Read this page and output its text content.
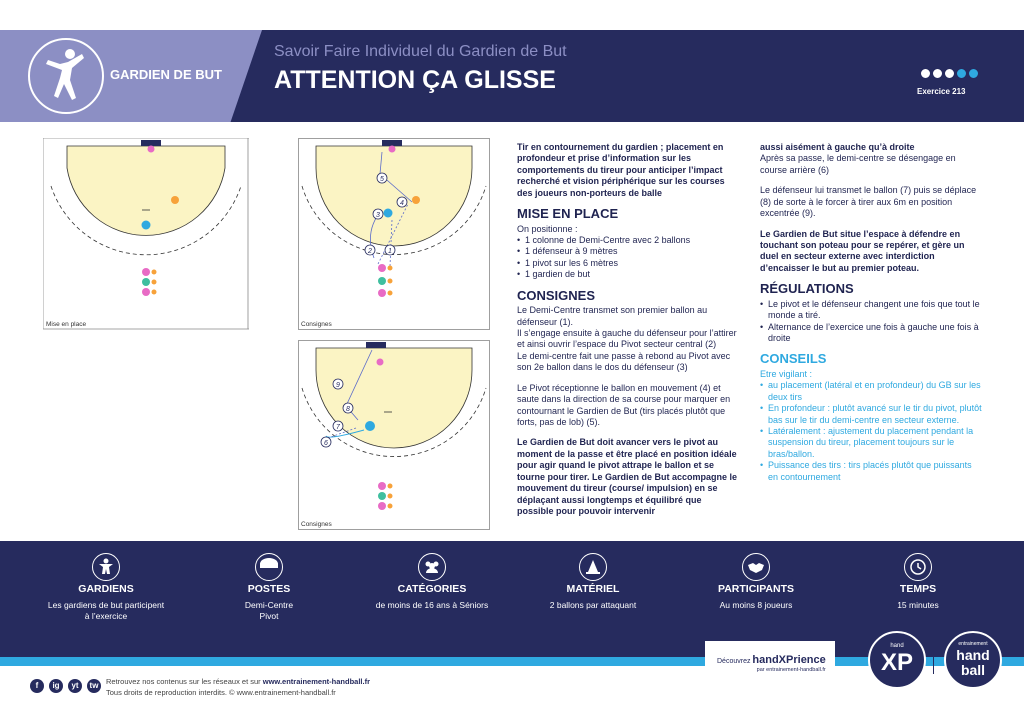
GARDIEN DE BUT
Savoir Faire Individuel du Gardien de But
ATTENTION ÇA GLISSE	Exercice 213
Mise en place
1
2
3
4
5
Consignes
6
7
8
9
Consignes

Tir en contournement du gardien ; placement en profondeur et prise d’information sur les comportements du tireur pour anticiper l’impact recherché et vision périphérique sur les courses des joueurs non-porteurs de balle

MISE EN PLACE

On positionne :

• 1 colonne de Demi-Centre avec 2 ballons
• 1 défenseur à 9 mètres
• 1 pivot sur les 6 mètres
• 1 gardien de but
CONSIGNES

Le Demi-Centre transmet son premier ballon au défenseur (1).

Il s’engage ensuite à gauche du défenseur pour l’attirer et ainsi ouvrir l’espace du Pivot secteur central (2)

Le demi-centre fait une passe à rebond au Pivot avec son 2e ballon dans le dos du défenseur (3)

Le Pivot réceptionne le ballon en mouvement (4) et saute dans la direction de sa course pour marquer en contournant le Gardien de But (tirs placés plutôt que forts, pas de lob) (5).

Le Gardien de But doit avancer vers le pivot au moment de la passe et être placé en position idéale pour agir quand le pivot attrape le ballon et se tourne pour tirer. Le Gardien de But accompagne le mouvement du tireur (course/ impulsion) en se déplaçant aussi longtemps et équilibré que possible pour pouvoir intervenir

aussi aisément à gauche qu’à droite

Après sa passe, le demi-centre se désengage en course arrière (6)

Le défenseur lui transmet le ballon (7) puis se déplace (8) de sorte à le forcer à tirer aux 6m en position excentrée (9).

Le Gardien de But situe l’espace à défendre en touchant son poteau pour se repérer, et gère un duel en secteur externe avec interdiction d’encaisser le but au premier poteau.

RÉGULATIONS
• Le pivot et le défenseur changent une fois que tout le monde a tiré.
• Alternance de l’exercice une fois à gauche une fois à droite
CONSEILS

Etre vigilant :

• au placement (latéral et en profondeur) du GB sur les deux tirs
• En profondeur : plutôt avancé sur le tir du pivot, plutôt bas sur le tir du demi-centre en secteur externe.
• Latéralement : ajustement du placement pendant la suspension du tireur, placement toujours sur le bras/ballon.
• Puissance des tirs : tirs placés plutôt que puissants en contournement
GARDIENS
Les gardiens de but participent à l’exercice
POSTES
Demi-Centre Pivot
CATÉGORIES
de moins de 16 ans à Séniors
MATÉRIEL
2 ballons par attaquant
PARTICIPANTS
Au moins 8 joueurs
TEMPS
15 minutes
f	ig	yt	tw	Retrouvez nos contenus sur les réseaux et sur www.entrainement-handball.fr
Tous droits de reproduction interdits. © www.entrainement-handball.fr
Découvrez handXPrience
par entrainement-handball.fr
hand
XP
entrainement
hand
ball
